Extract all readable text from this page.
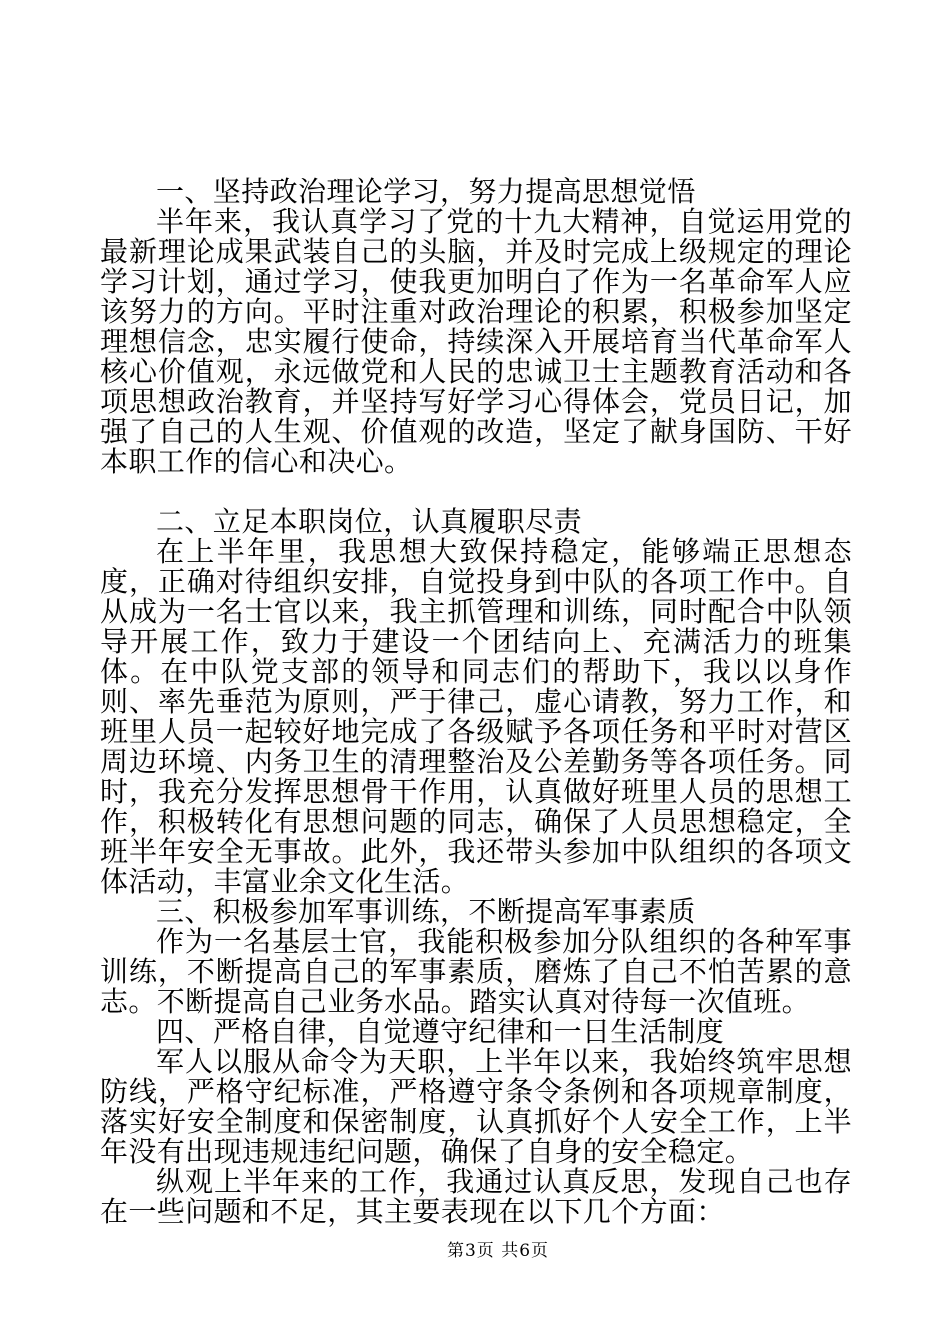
一、坚持政治理论学习，努力提高思想觉悟
半年来，我认真学习了党的十九大精神，自觉运用党的最新理论成果武装自己的头脑，并及时完成上级规定的理论学习计划，通过学习，使我更加明白了作为一名革命军人应该努力的方向。平时注重对政治理论的积累，积极参加坚定理想信念，忠实履行使命，持续深入开展培育当代革命军人核心价值观，永远做党和人民的忠诚卫士主题教育活动和各项思想政治教育，并坚持写好学习心得体会，党员日记，加强了自己的人生观、价值观的改造，坚定了献身国防、干好本职工作的信心和决心。
二、立足本职岗位，认真履职尽责
在上半年里，我思想大致保持稳定，能够端正思想态度，正确对待组织安排，自觉投身到中队的各项工作中。自从成为一名士官以来，我主抓管理和训练，同时配合中队领导开展工作，致力于建设一个团结向上、充满活力的班集体。在中队党支部的领导和同志们的帮助下，我以以身作则、率先垂范为原则，严于律己，虚心请教，努力工作，和班里人员一起较好地完成了各级赋予各项任务和平时对营区周边环境、内务卫生的清理整治及公差勤务等各项任务。同时，我充分发挥思想骨干作用，认真做好班里人员的思想工作，积极转化有思想问题的同志，确保了人员思想稳定，全班半年安全无事故。此外，我还带头参加中队组织的各项文体活动，丰富业余文化生活。
三、积极参加军事训练，不断提高军事素质
作为一名基层士官，我能积极参加分队组织的各种军事训练，不断提高自己的军事素质，磨炼了自己不怕苦累的意志。不断提高自己业务水品。踏实认真对待每一次值班。
四、严格自律，自觉遵守纪律和一日生活制度
军人以服从命令为天职，上半年以来，我始终筑牢思想防线，严格守纪标准，严格遵守条令条例和各项规章制度，落实好安全制度和保密制度，认真抓好个人安全工作，上半年没有出现违规违纪问题，确保了自身的安全稳定。
纵观上半年来的工作，我通过认真反思，发现自己也存在一些问题和不足，其主要表现在以下几个方面：
第3页 共6页
